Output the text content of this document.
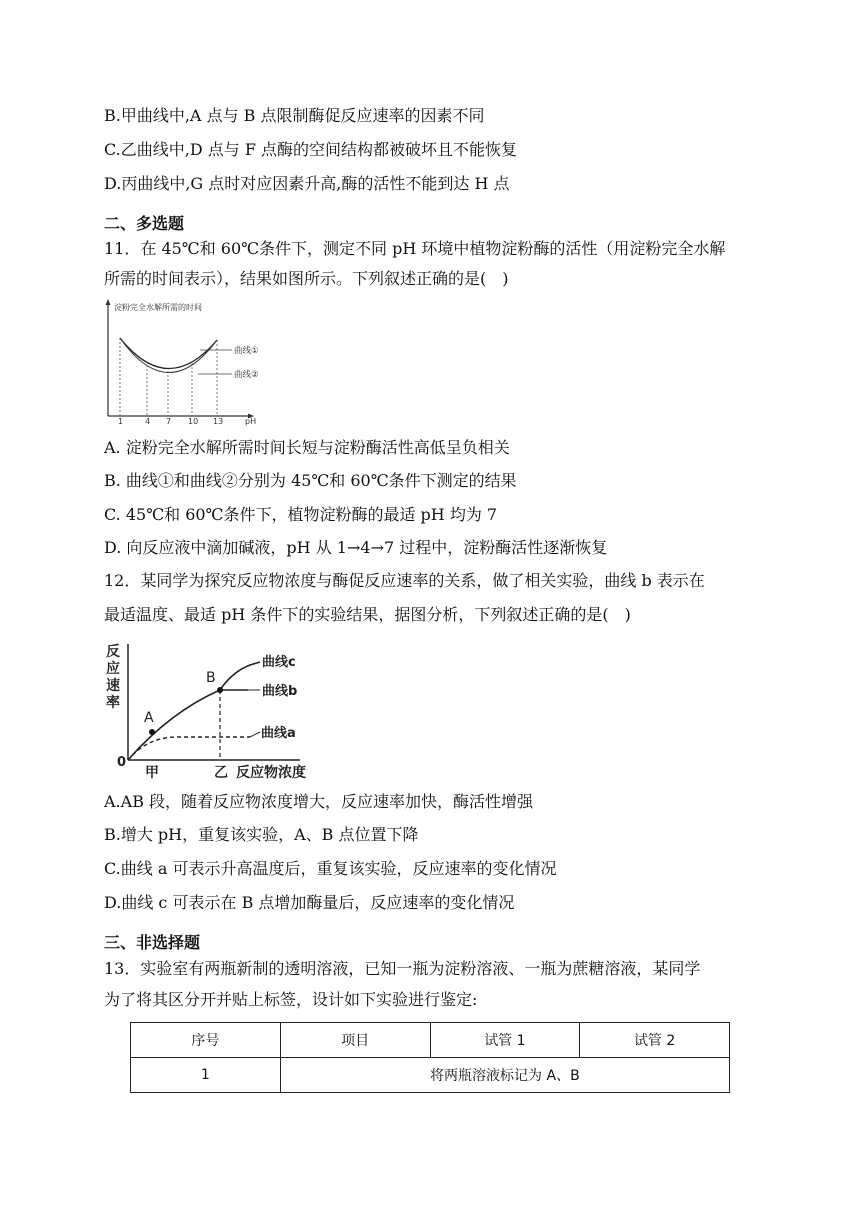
B.甲曲线中,A 点与 B 点限制酶促反应速率的因素不同
C.乙曲线中,D 点与 F 点酶的空间结构都被破坏且不能恢复
D.丙曲线中,G 点时对应因素升高,酶的活性不能到达 H 点
二、多选题
11．在 45℃和 60℃条件下，测定不同 pH 环境中植物淀粉酶的活性（用淀粉完全水解
所需的时间表示），结果如图所示。下列叙述正确的是(　)
淀粉完全水解所需的时间
曲线①
曲线②
1	4 7 10 13	pH
A. 淀粉完全水解所需时间长短与淀粉酶活性高低呈负相关
B. 曲线①和曲线②分别为 45℃和 60℃条件下测定的结果
C. 45℃和 60℃条件下，植物淀粉酶的最适 pH 均为 7
D. 向反应液中滴加碱液，pH 从 1→4→7 过程中，淀粉酶活性逐渐恢复
12．某同学为探究反应物浓度与酶促反应速率的关系，做了相关实验，曲线 b 表示在
最适温度、最适 pH 条件下的实验结果，据图分析，下列叙述正确的是(　)
反
应
速
率
0
曲线a
曲线b
曲线c
A
B
甲	乙 反应物浓度
A.AB 段，随着反应物浓度增大，反应速率加快，酶活性增强
B.增大 pH，重复该实验，A、B 点位置下降
C.曲线 a 可表示升高温度后，重复该实验，反应速率的变化情况
D.曲线 c 可表示在 B 点增加酶量后，反应速率的变化情况
三、非选择题
13．实验室有两瓶新制的透明溶液，已知一瓶为淀粉溶液、一瓶为蔗糖溶液，某同学
为了将其区分开并贴上标签，设计如下实验进行鉴定:
序号	项目	试管 1	试管 2
1	将两瓶溶液标记为 A、B		
